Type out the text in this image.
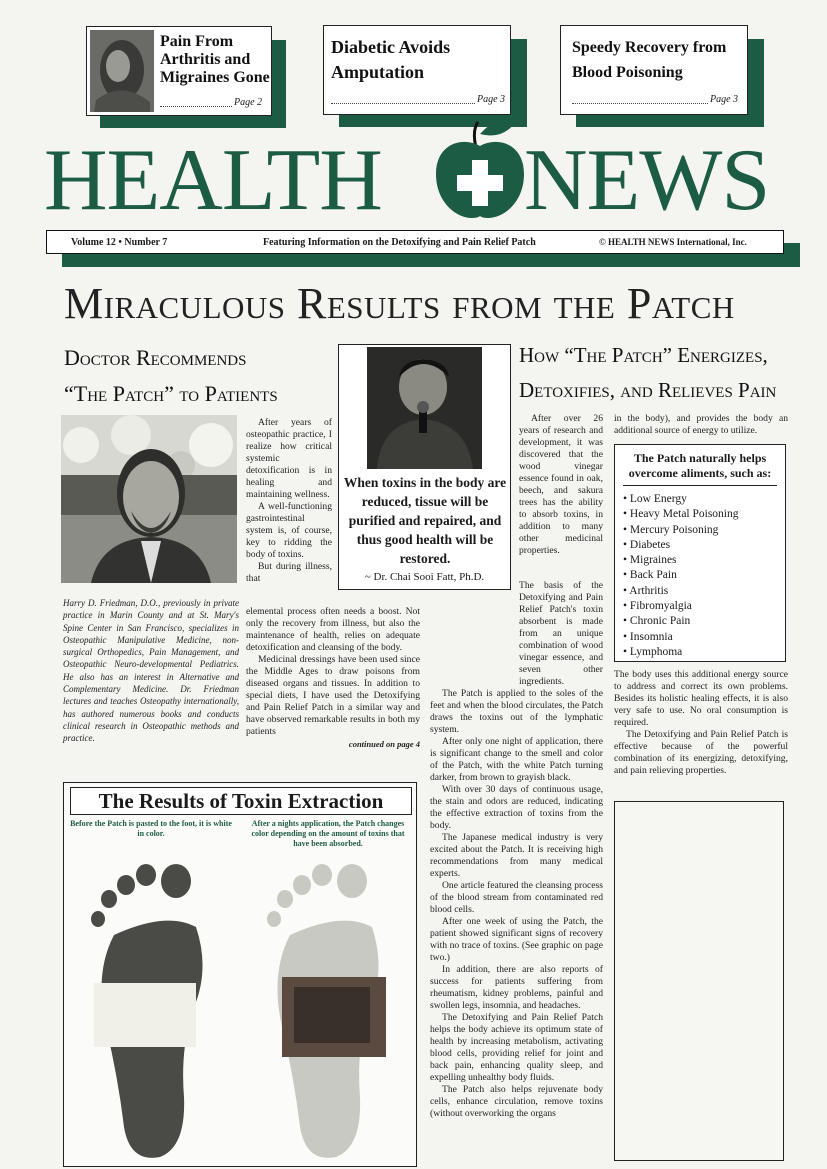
Pain From Arthritis and Migraines Gone
Page 2
Diabetic Avoids Amputation
Page 3
Speedy Recovery from Blood Poisoning
Page 3
HEALTH NEWS
Volume 12 • Number 7	Featuring Information on the Detoxifying and Pain Relief Patch	© HEALTH NEWS International, Inc.
Miraculous Results from the Patch
Doctor Recommends
“The Patch” to Patients
Harry D. Friedman, D.O., previously in private practice in Marin County and at St. Mary's Spine Center in San Francisco, specializes in Osteopathic Manipulative Medicine, non-surgical Orthopedics, Pain Management, and Osteopathic Neuro-developmental Pediatrics. He also has an interest in Alternative and Complementary Medicine. Dr. Friedman lectures and teaches Osteopathy internationally, has authored numerous books and conducts clinical research in Osteopathic methods and practice.

After years of osteopathic practice, I realize how critical systemic detoxification is in healing and maintaining wellness.

A well-functioning gastrointestinal system is, of course, key to ridding the body of toxins.

But during illness, that

elemental process often needs a boost. Not only the recovery from illness, but also the maintenance of health, relies on adequate detoxification and cleansing of the body.

Medicinal dressings have been used since the Middle Ages to draw poisons from diseased organs and tissues. In addition to special diets, I have used the Detoxifying and Pain Relief Patch in a similar way and have observed remarkable results in both my patients

continued on page 4
When toxins in the body are reduced, tissue will be purified and repaired, and thus good health will be restored.
~ Dr. Chai Sooi Fatt, Ph.D.
How “The Patch” Energizes,
Detoxifies, and Relieves Pain

After over 26 years of research and development, it was discovered that the wood vinegar essence found in oak, beech, and sakura trees has the ability to absorb toxins, in addition to many other medicinal properties.

The basis of the Detoxifying and Pain Relief Patch's toxin absorbent is made from an unique combination of wood vinegar essence, and seven other ingredients.

The Patch is applied to the soles of the feet and when the blood circulates, the Patch draws the toxins out of the lymphatic system.

After only one night of application, there is significant change to the smell and color of the Patch, with the white Patch turning darker, from brown to grayish black.

With over 30 days of continuous usage, the stain and odors are reduced, indicating the effective extraction of toxins from the body.

The Japanese medical industry is very excited about the Patch. It is receiving high recommendations from many medical experts.

One article featured the cleansing process of the blood stream from contaminated red blood cells.

After one week of using the Patch, the patient showed significant signs of recovery with no trace of toxins. (See graphic on page two.)

In addition, there are also reports of success for patients suffering from rheumatism, kidney problems, painful and swollen legs, insomnia, and headaches.

The Detoxifying and Pain Relief Patch helps the body achieve its optimum state of health by increasing metabolism, activating blood cells, providing relief for joint and back pain, enhancing quality sleep, and expelling unhealthy body fluids.

The Patch also helps rejuvenate body cells, enhance circulation, remove toxins (without overworking the organs

in the body), and provides the body an additional source of energy to utilize.

The Patch naturally helps overcome aliments, such as:
• Low Energy
• Heavy Metal Poisoning
• Mercury Poisoning
• Diabetes
• Migraines
• Back Pain
• Arthritis
• Fibromyalgia
• Chronic Pain
• Insomnia
• Lymphoma

The body uses this additional energy source to address and correct its own problems. Besides its holistic healing effects, it is also very safe to use. No oral consumption is required.

The Detoxifying and Pain Relief Patch is effective because of the powerful combination of its energizing, detoxifying, and pain relieving properties.

The Results of Toxin Extraction
Before the Patch is pasted to the foot, it is white in color.
After a nights application, the Patch changes color depending on the amount of toxins that have been absorbed.
